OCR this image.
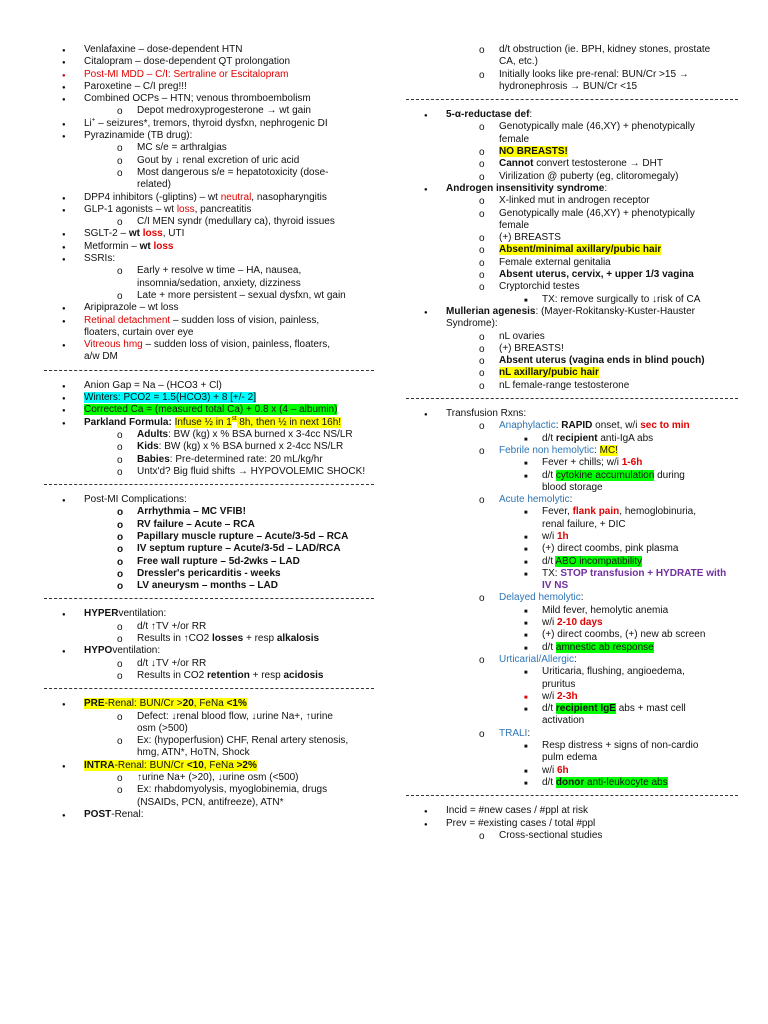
●
Venlafaxine – dose-dependent HTN
●
Citalopram – dose-dependent QT prolongation
●
Post-MI MDD – C/I: Sertraline or Escitalopram
●
Paroxetine – C/I preg!!!
●
Combined OCPs – HTN; venous thromboembolism
o
Depot medroxyprogesterone → wt gain
●
Li+ – seizures*, tremors, thyroid dysfxn, nephrogenic DI
●
Pyrazinamide (TB drug):
o
MC s/e = arthralgias
o
Gout by ↓ renal excretion of uric acid
o
Most dangerous s/e = hepatotoxicity (dose-
related)
●
DPP4 inhibitors (-gliptins) – wt neutral, nasopharyngitis
●
GLP-1 agonists – wt loss, pancreatitis
o
C/I MEN syndr (medullary ca), thyroid issues
●
SGLT-2 – wt loss, UTI
●
Metformin – wt loss
●
SSRIs:
o
Early + resolve w time – HA, nausea,
insomnia/sedation, anxiety, dizziness
o
Late + more persistent – sexual dysfxn, wt gain
●
Aripiprazole – wt loss
●
Retinal detachment – sudden loss of vision, painless,
floaters, curtain over eye
●
Vitreous hmg – sudden loss of vision, painless, floaters,
a/w DM
●
Anion Gap = Na – (HCO3 + Cl)
●
Winters: PCO2 = 1.5(HCO3) + 8 [+/- 2]
●
Corrected Ca = (measured total Ca) + 0.8 x (4 – albumin)
●
Parkland Formula: Infuse ½ in 1st 8h, then ½ in next 16h!
o
Adults: BW (kg) x % BSA burned x 3-4cc NS/LR
o
Kids: BW (kg) x % BSA burned x 2-4cc NS/LR
o
Babies: Pre-determined rate: 20 mL/kg/hr
o
Untx'd? Big fluid shifts → HYPOVOLEMIC SHOCK!
●
Post-MI Complications:
o
Arrhythmia – MC VFIB!
o
RV failure – Acute – RCA
o
Papillary muscle rupture – Acute/3-5d – RCA
o
IV septum rupture – Acute/3-5d – LAD/RCA
o
Free wall rupture – 5d-2wks – LAD
o
Dressler's pericarditis - weeks
o
LV aneurysm – months – LAD
●
HYPERventilation:
o
d/t ↑TV +/or RR
o
Results in ↑CO2 losses + resp alkalosis
●
HYPOventilation:
o
d/t ↓TV +/or RR
o
Results in CO2 retention + resp acidosis
●
PRE-Renal: BUN/Cr >20, FeNa <1%
o
Defect: ↓renal blood flow, ↓urine Na+, ↑urine
osm (>500)
o
Ex: (hypoperfusion) CHF, Renal artery stenosis,
hmg, ATN*, HoTN, Shock
●
INTRA-Renal: BUN/Cr <10, FeNa >2%
o
↑urine Na+ (>20), ↓urine osm (<500)
o
Ex: rhabdomyolysis, myoglobinemia, drugs
(NSAIDs, PCN, antifreeze), ATN*
●
POST-Renal:
o
d/t obstruction (ie. BPH, kidney stones, prostate
CA, etc.)
o
Initially looks like pre-renal: BUN/Cr >15 →
hydronephrosis → BUN/Cr <15
●
5-α-reductase def:
o
Genotypically male (46,XY) + phenotypically
female
o
NO BREASTS!
o
Cannot convert testosterone → DHT
o
Virilization @ puberty (eg, clitoromegaly)
●
Androgen insensitivity syndrome:
o
X-linked mut in androgen receptor
o
Genotypically male (46,XY) + phenotypically
female
o
(+) BREASTS
o
Absent/minimal axillary/pubic hair
o
Female external genitalia
o
Absent uterus, cervix, + upper 1/3 vagina
o
Cryptorchid testes
■
TX: remove surgically to ↓risk of CA
●
Mullerian agenesis: (Mayer-Rokitansky-Kuster-Hauster
Syndrome):
o
nL ovaries
o
(+) BREASTS!
o
Absent uterus (vagina ends in blind pouch)
o
nL axillary/pubic hair
o
nL female-range testosterone
●
Transfusion Rxns:
o
Anaphylactic: RAPID onset, w/i sec to min
■
d/t recipient anti-IgA abs
o
Febrile non hemolytic: MC!
■
Fever + chills; w/i 1-6h
■
d/t cytokine accumulation during
blood storage
o
Acute hemolytic:
■
Fever, flank pain, hemoglobinuria,
renal failure, + DIC
■
w/i 1h
■
(+) direct coombs, pink plasma
■
d/t ABO incompatibility
■
TX: STOP transfusion + HYDRATE with
IV NS
o
Delayed hemolytic:
■
Mild fever, hemolytic anemia
■
w/i 2-10 days
■
(+) direct coombs, (+) new ab screen
■
d/t amnestic ab response
o
Urticarial/Allergic:
■
Uriticaria, flushing, angioedema,
pruritus
■
w/i 2-3h
■
d/t recipient IgE abs + mast cell
activation
o
TRALI:
■
Resp distress + signs of non-cardio
pulm edema
■
w/i 6h
■
d/t donor anti-leukocyte abs
●
Incid = #new cases / #ppl at risk
●
Prev = #existing cases / total #ppl
o
Cross-sectional studies
